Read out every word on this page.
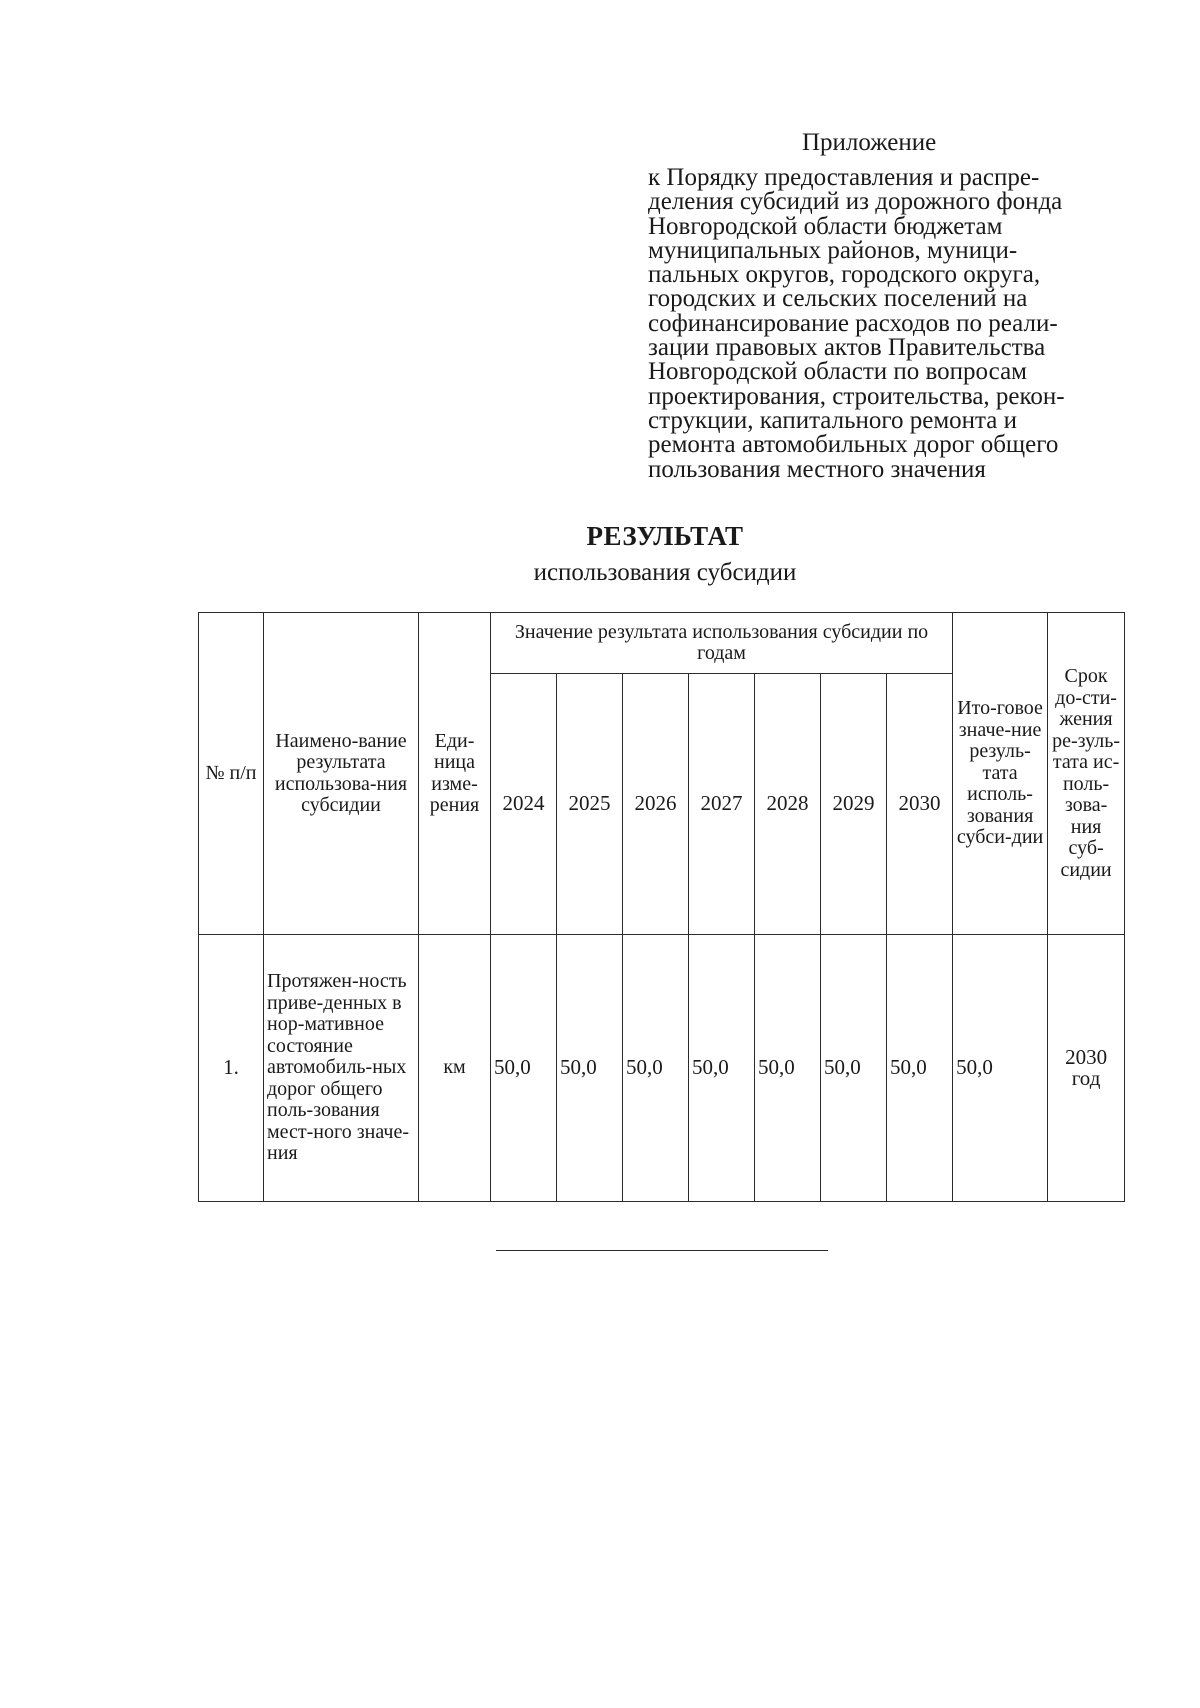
Приложение
к Порядку предоставления и распре-
деления субсидий из дорожного фонда
Новгородской области бюджетам
муниципальных районов, муници-
пальных округов, городского округа,
городских и сельских поселений на
софинансирование расходов по реали-
зации правовых актов Правительства
Новгородской области по вопросам
проектирования, строительства, рекон-
струкции, капитального ремонта и
ремонта автомобильных дорог общего
пользования местного значения
РЕЗУЛЬТАТ
использования субсидии
№ п/п	Наимено-вание результата использова-ния субсидии	Еди-ница изме-рения	Значение результата использования субсидии по годам							Ито-говое значе-ние резуль-тата исполь-зования субси-дии	Срок до-сти-жения ре-зуль-тата ис-поль-зова-ния суб-сидии
			2024	2025	2026	2027	2028	2029	2030		
1.	Протяжен-ность приве-денных в нор-мативное состояние автомобиль-ных дорог общего поль-зования мест-ного значе-ния	км	50,0	50,0	50,0	50,0	50,0	50,0	50,0	50,0	2030 год
